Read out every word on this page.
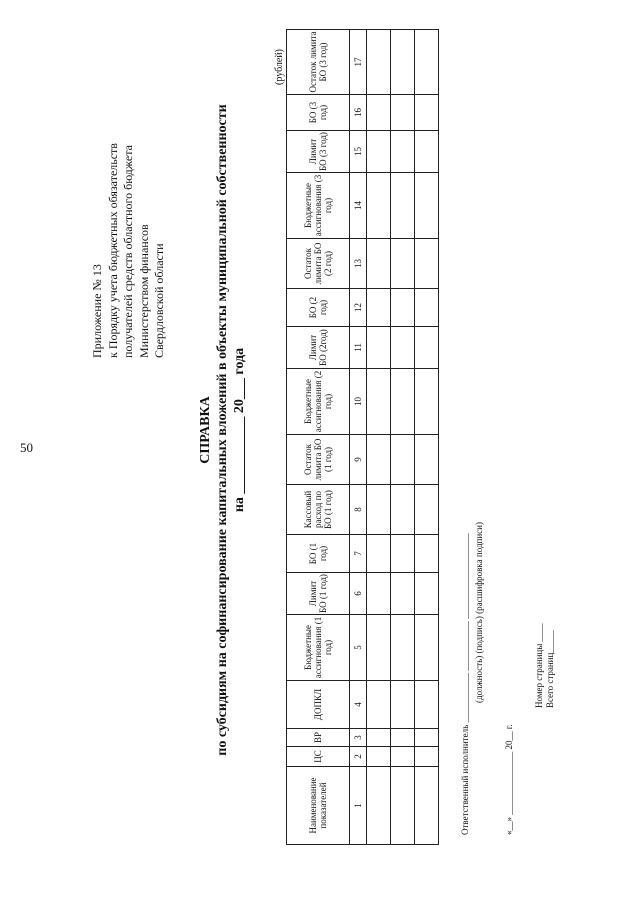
50
Приложение № 13 к Порядку учета бюджетных обязательств получателей средств областного бюджета Министерством финансов Свердловской области
СПРАВКА по субсидиям на софинансирование капитальных вложений в объекты муниципальной собственности на ___________ 20___ года
(рублей)
Наименование показателей	ЦС	ВР	ДОПКЛ	Бюджетные ассигнования (1 год)	Лимит БО (1 год)	БО (1 год)	Кассовый расход по БО (1 год)	Остаток лимита БО (1 год)	Бюджетные ассигнования (2 год)	Лимит БО (2год)	БО (2 год)	Остаток лимита БО (2 год)	Бюджетные ассигнования (3 год)	Лимит БО (3 год)	БО (3 год)	Остаток лимита БО (3 год)
1	2	3	4	5	6	7	8	9	10	11	12	13	14	15	16	17

Ответственный исполнитель ___________ ___________ ___________________ (должность) (подпись) (расшифровка подписи)
«__» ______________ 20__ г.
Номер страницы ____ Всего страниц_____
